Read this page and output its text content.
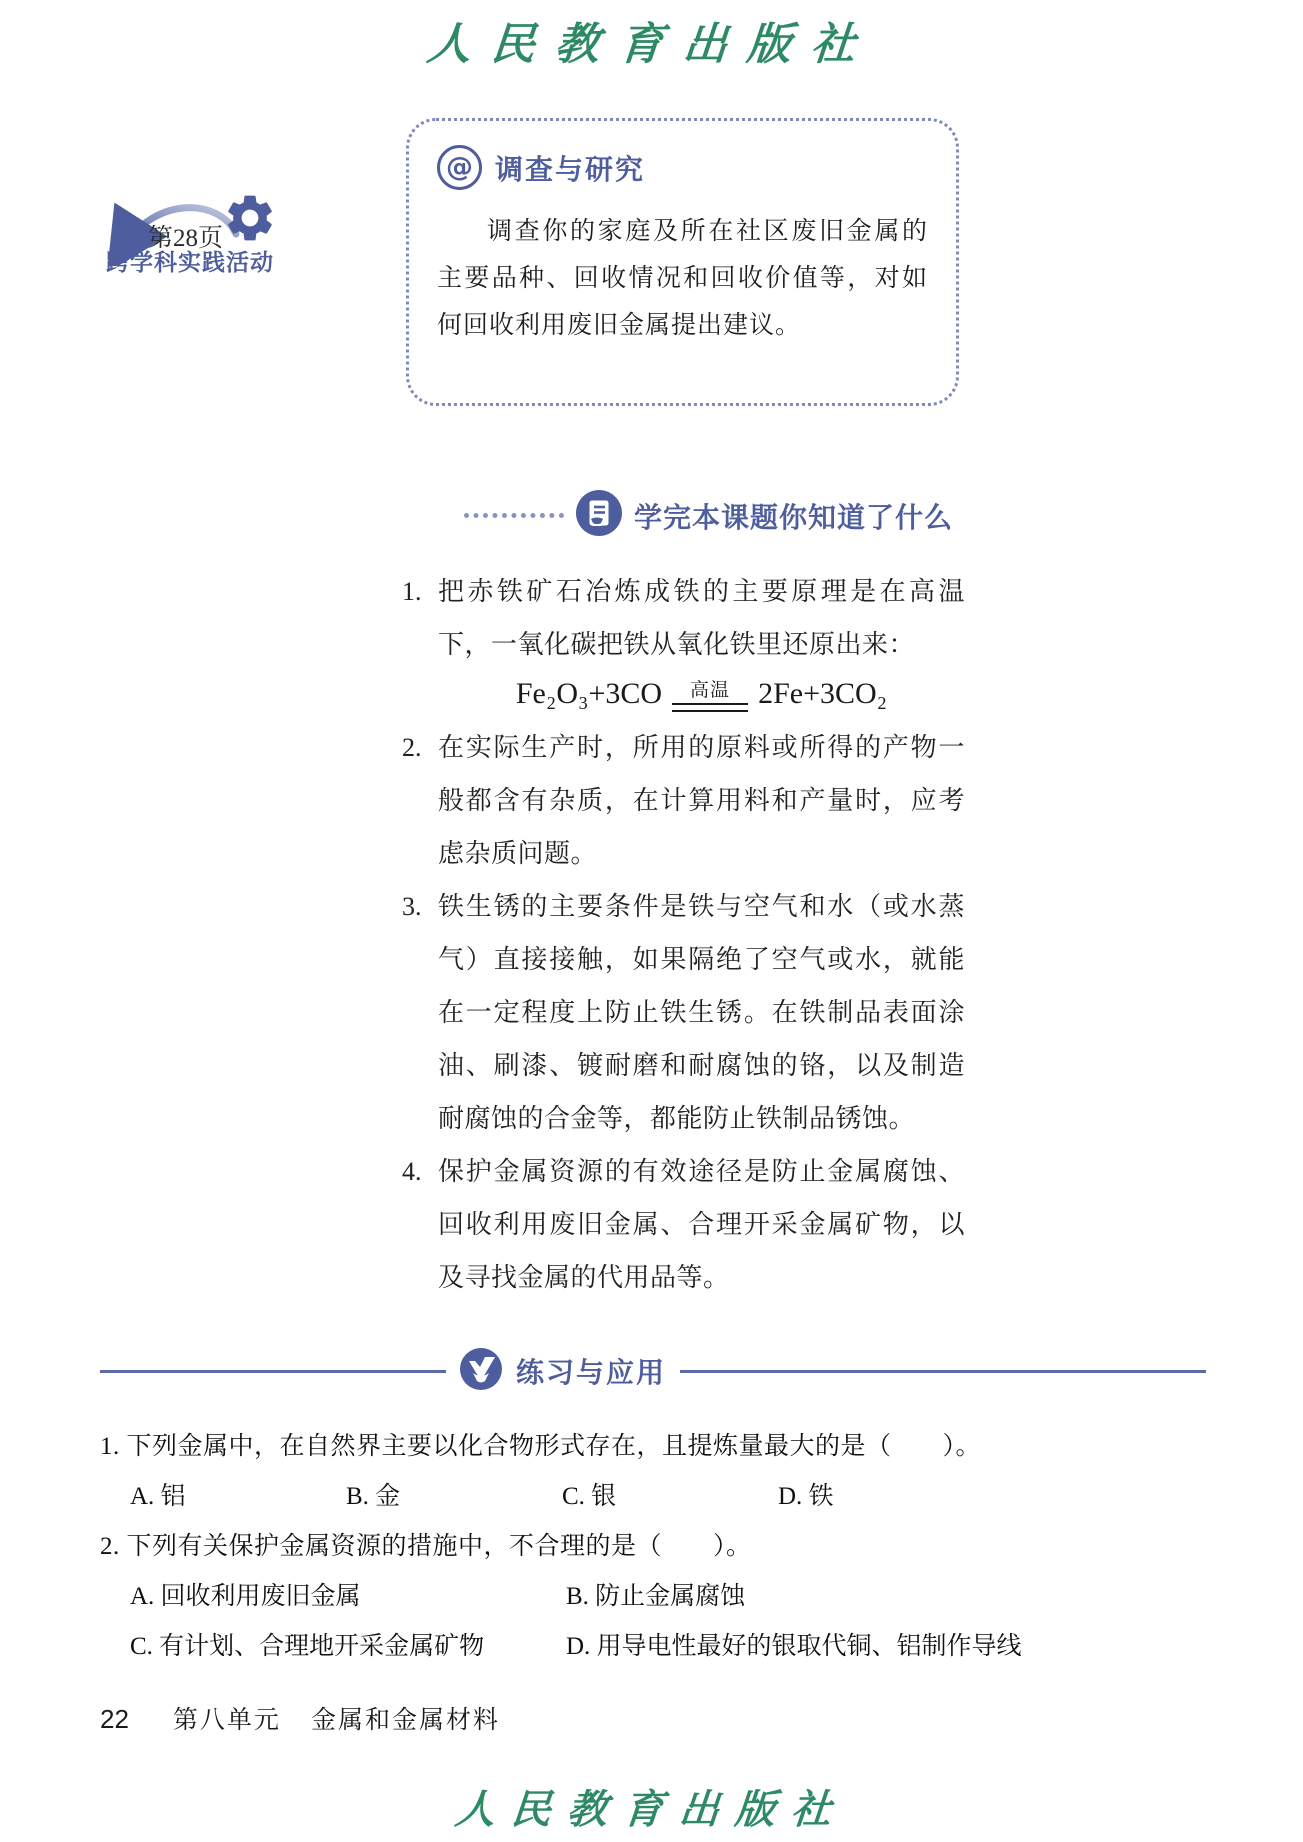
人民教育出版社
第28页
跨学科实践活动
@ 调查与研究
调查你的家庭及所在社区废旧金属的主要品种、回收情况和回收价值等，对如何回收利用废旧金属提出建议。
学完本课题你知道了什么
1. 把赤铁矿石冶炼成铁的主要原理是在高温下，一氧化碳把铁从氧化铁里还原出来：
Fe₂O₃+3CO 高温 2Fe+3CO₂
2. 在实际生产时，所用的原料或所得的产物一般都含有杂质，在计算用料和产量时，应考虑杂质问题。
3. 铁生锈的主要条件是铁与空气和水（或水蒸气）直接接触，如果隔绝了空气或水，就能在一定程度上防止铁生锈。在铁制品表面涂油、刷漆、镀耐磨和耐腐蚀的铬，以及制造耐腐蚀的合金等，都能防止铁制品锈蚀。
4. 保护金属资源的有效途径是防止金属腐蚀、回收利用废旧金属、合理开采金属矿物，以及寻找金属的代用品等。
练习与应用
1. 下列金属中，在自然界主要以化合物形式存在，且提炼量最大的是（　　）。
A. 铝	B. 金	C. 银	D. 铁
2. 下列有关保护金属资源的措施中，不合理的是（　　）。
A. 回收利用废旧金属	B. 防止金属腐蚀
C. 有计划、合理地开采金属矿物	D. 用导电性最好的银取代铜、铝制作导线
22 第八单元 金属和金属材料
人民教育出版社
